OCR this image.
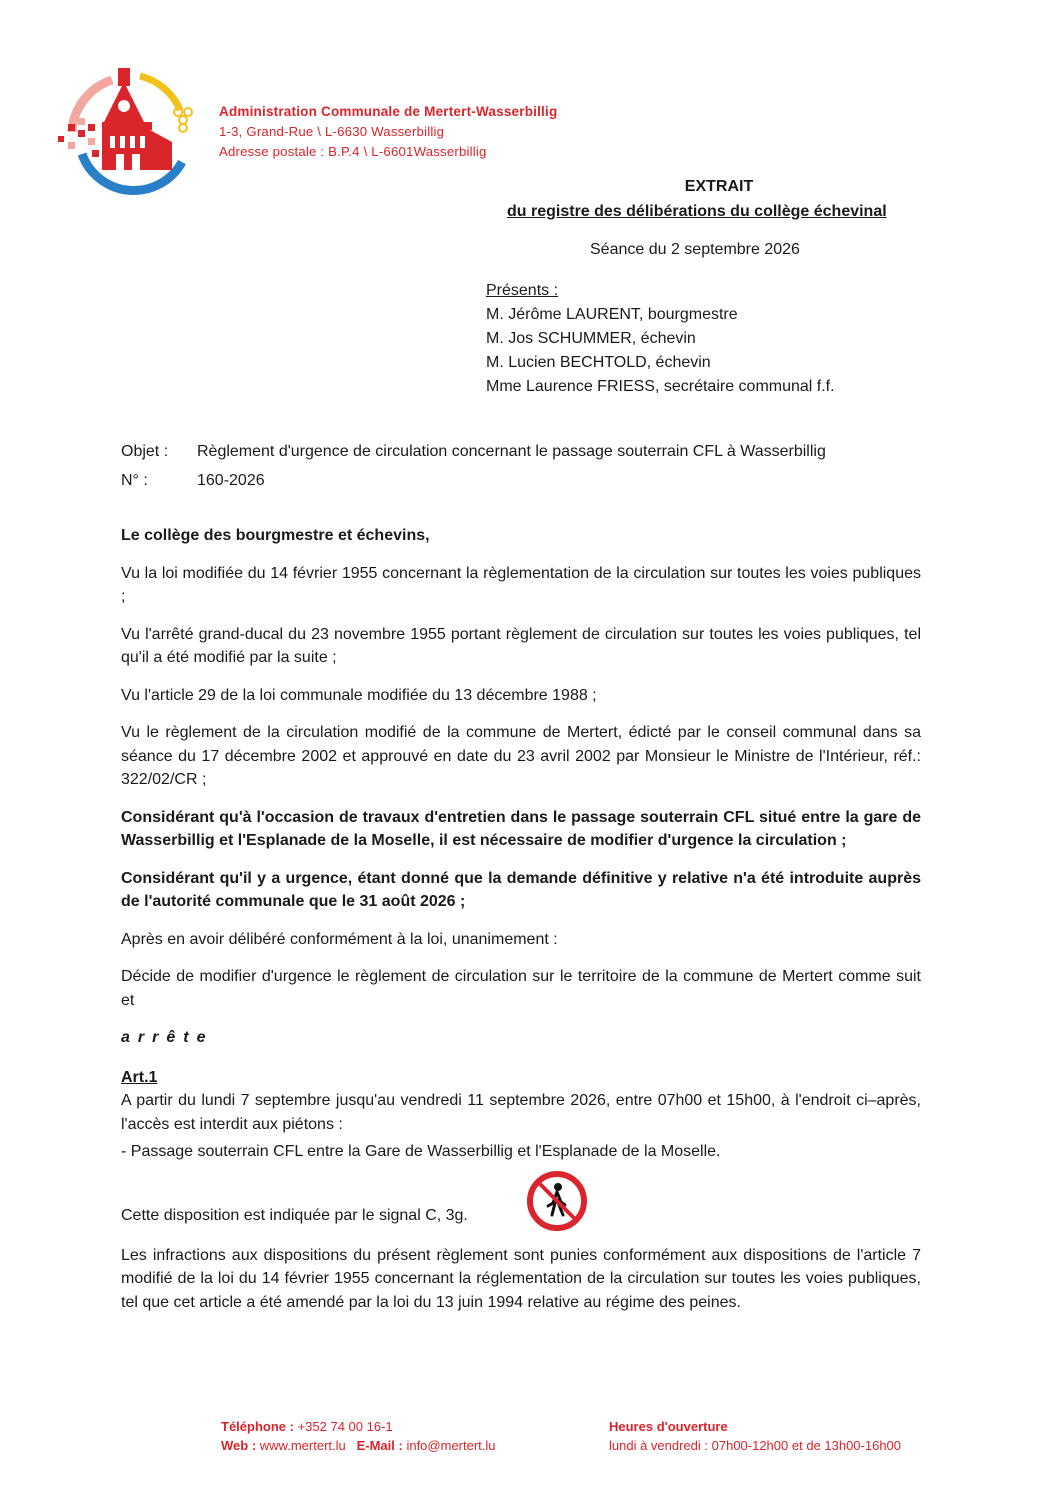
Administration Communale de Mertert-Wasserbillig
1-3, Grand-Rue \ L-6630 Wasserbillig
Adresse postale : B.P.4 \ L-6601Wasserbillig
EXTRAIT
du registre des délibérations du collège échevinal
Séance du 2 septembre 2026
Présents :
M. Jérôme LAURENT, bourgmestre
M. Jos SCHUMMER, échevin
M. Lucien BECHTOLD, échevin
Mme Laurence FRIESS, secrétaire communal f.f.
Objet : Règlement d'urgence de circulation concernant le passage souterrain CFL à Wasserbillig
N° :	160-2026

Le collège des bourgmestre et échevins,

Vu la loi modifiée du 14 février 1955 concernant la règlementation de la circulation sur toutes les voies publiques ;

Vu l'arrêté grand-ducal du 23 novembre 1955 portant règlement de circulation sur toutes les voies publiques, tel qu'il a été modifié par la suite ;

Vu l'article 29 de la loi communale modifiée du 13 décembre 1988 ;

Vu le règlement de la circulation modifié de la commune de Mertert, édicté par le conseil communal dans sa séance du 17 décembre 2002 et approuvé en date du 23 avril 2002 par Monsieur le Ministre de l'Intérieur, réf.: 322/02/CR ;

Considérant qu'à l'occasion de travaux d'entretien dans le passage souterrain CFL situé entre la gare de Wasserbillig et l'Esplanade de la Moselle, il est nécessaire de modifier d'urgence la circulation ;

Considérant qu'il y a urgence, étant donné que la demande définitive y relative n'a été introduite auprès de l'autorité communale que le 31 août 2026 ;

Après en avoir délibéré conformément à la loi, unanimement :

Décide de modifier d'urgence le règlement de circulation sur le territoire de la commune de Mertert comme suit et

arrête

Art.1

A partir du lundi 7 septembre jusqu'au vendredi 11 septembre 2026, entre 07h00 et 15h00, à l'endroit ci–après, l'accès est interdit aux piétons :

- Passage souterrain CFL entre la Gare de Wasserbillig et l'Esplanade de la Moselle.

Cette disposition est indiquée par le signal C, 3g.

Les infractions aux dispositions du présent règlement sont punies conformément aux dispositions de l'article 7 modifié de la loi du 14 février 1955 concernant la réglementation de la circulation sur toutes les voies publiques, tel que cet article a été amendé par la loi du 13 juin 1994 relative au régime des peines.

Téléphone : +352 74 00 16-1
Web : www.mertert.lu E-Mail : info@mertert.lu
Heures d'ouverture
lundi à vendredi : 07h00-12h00 et de 13h00-16h00
